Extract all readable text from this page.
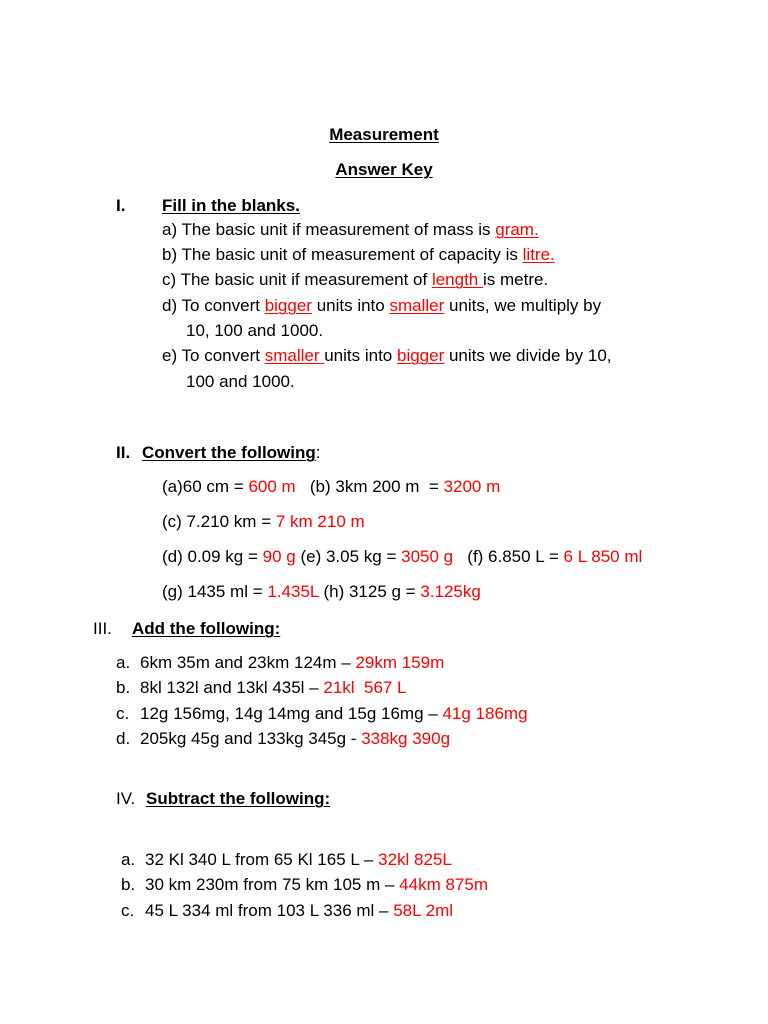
Measurement
Answer Key
I. Fill in the blanks.
a) The basic unit if measurement of mass is gram.
b) The basic unit of measurement of capacity is litre.
c) The basic unit if measurement of length is metre.
d) To convert bigger units into smaller units, we multiply by
10, 100 and 1000.
e) To convert smaller units into bigger units we divide by 10,
100 and 1000.
II. Convert the following:
(a)60 cm = 600 m   (b) 3km 200 m  = 3200 m
(c) 7.210 km = 7 km 210 m
(d) 0.09 kg = 90 g (e) 3.05 kg = 3050 g   (f) 6.850 L = 6 L 850 ml
(g) 1435 ml = 1.435L (h) 3125 g = 3.125kg
III. Add the following:
a. 6km 35m and 23km 124m – 29km 159m
b. 8kl 132l and 13kl 435l – 21kl  567 L
c. 12g 156mg, 14g 14mg and 15g 16mg – 41g 186mg
d. 205kg 45g and 133kg 345g - 338kg 390g
IV. Subtract the following:
a. 32 Kl 340 L from 65 Kl 165 L – 32kl 825L
b. 30 km 230m from 75 km 105 m – 44km 875m
c. 45 L 334 ml from 103 L 336 ml – 58L 2ml
